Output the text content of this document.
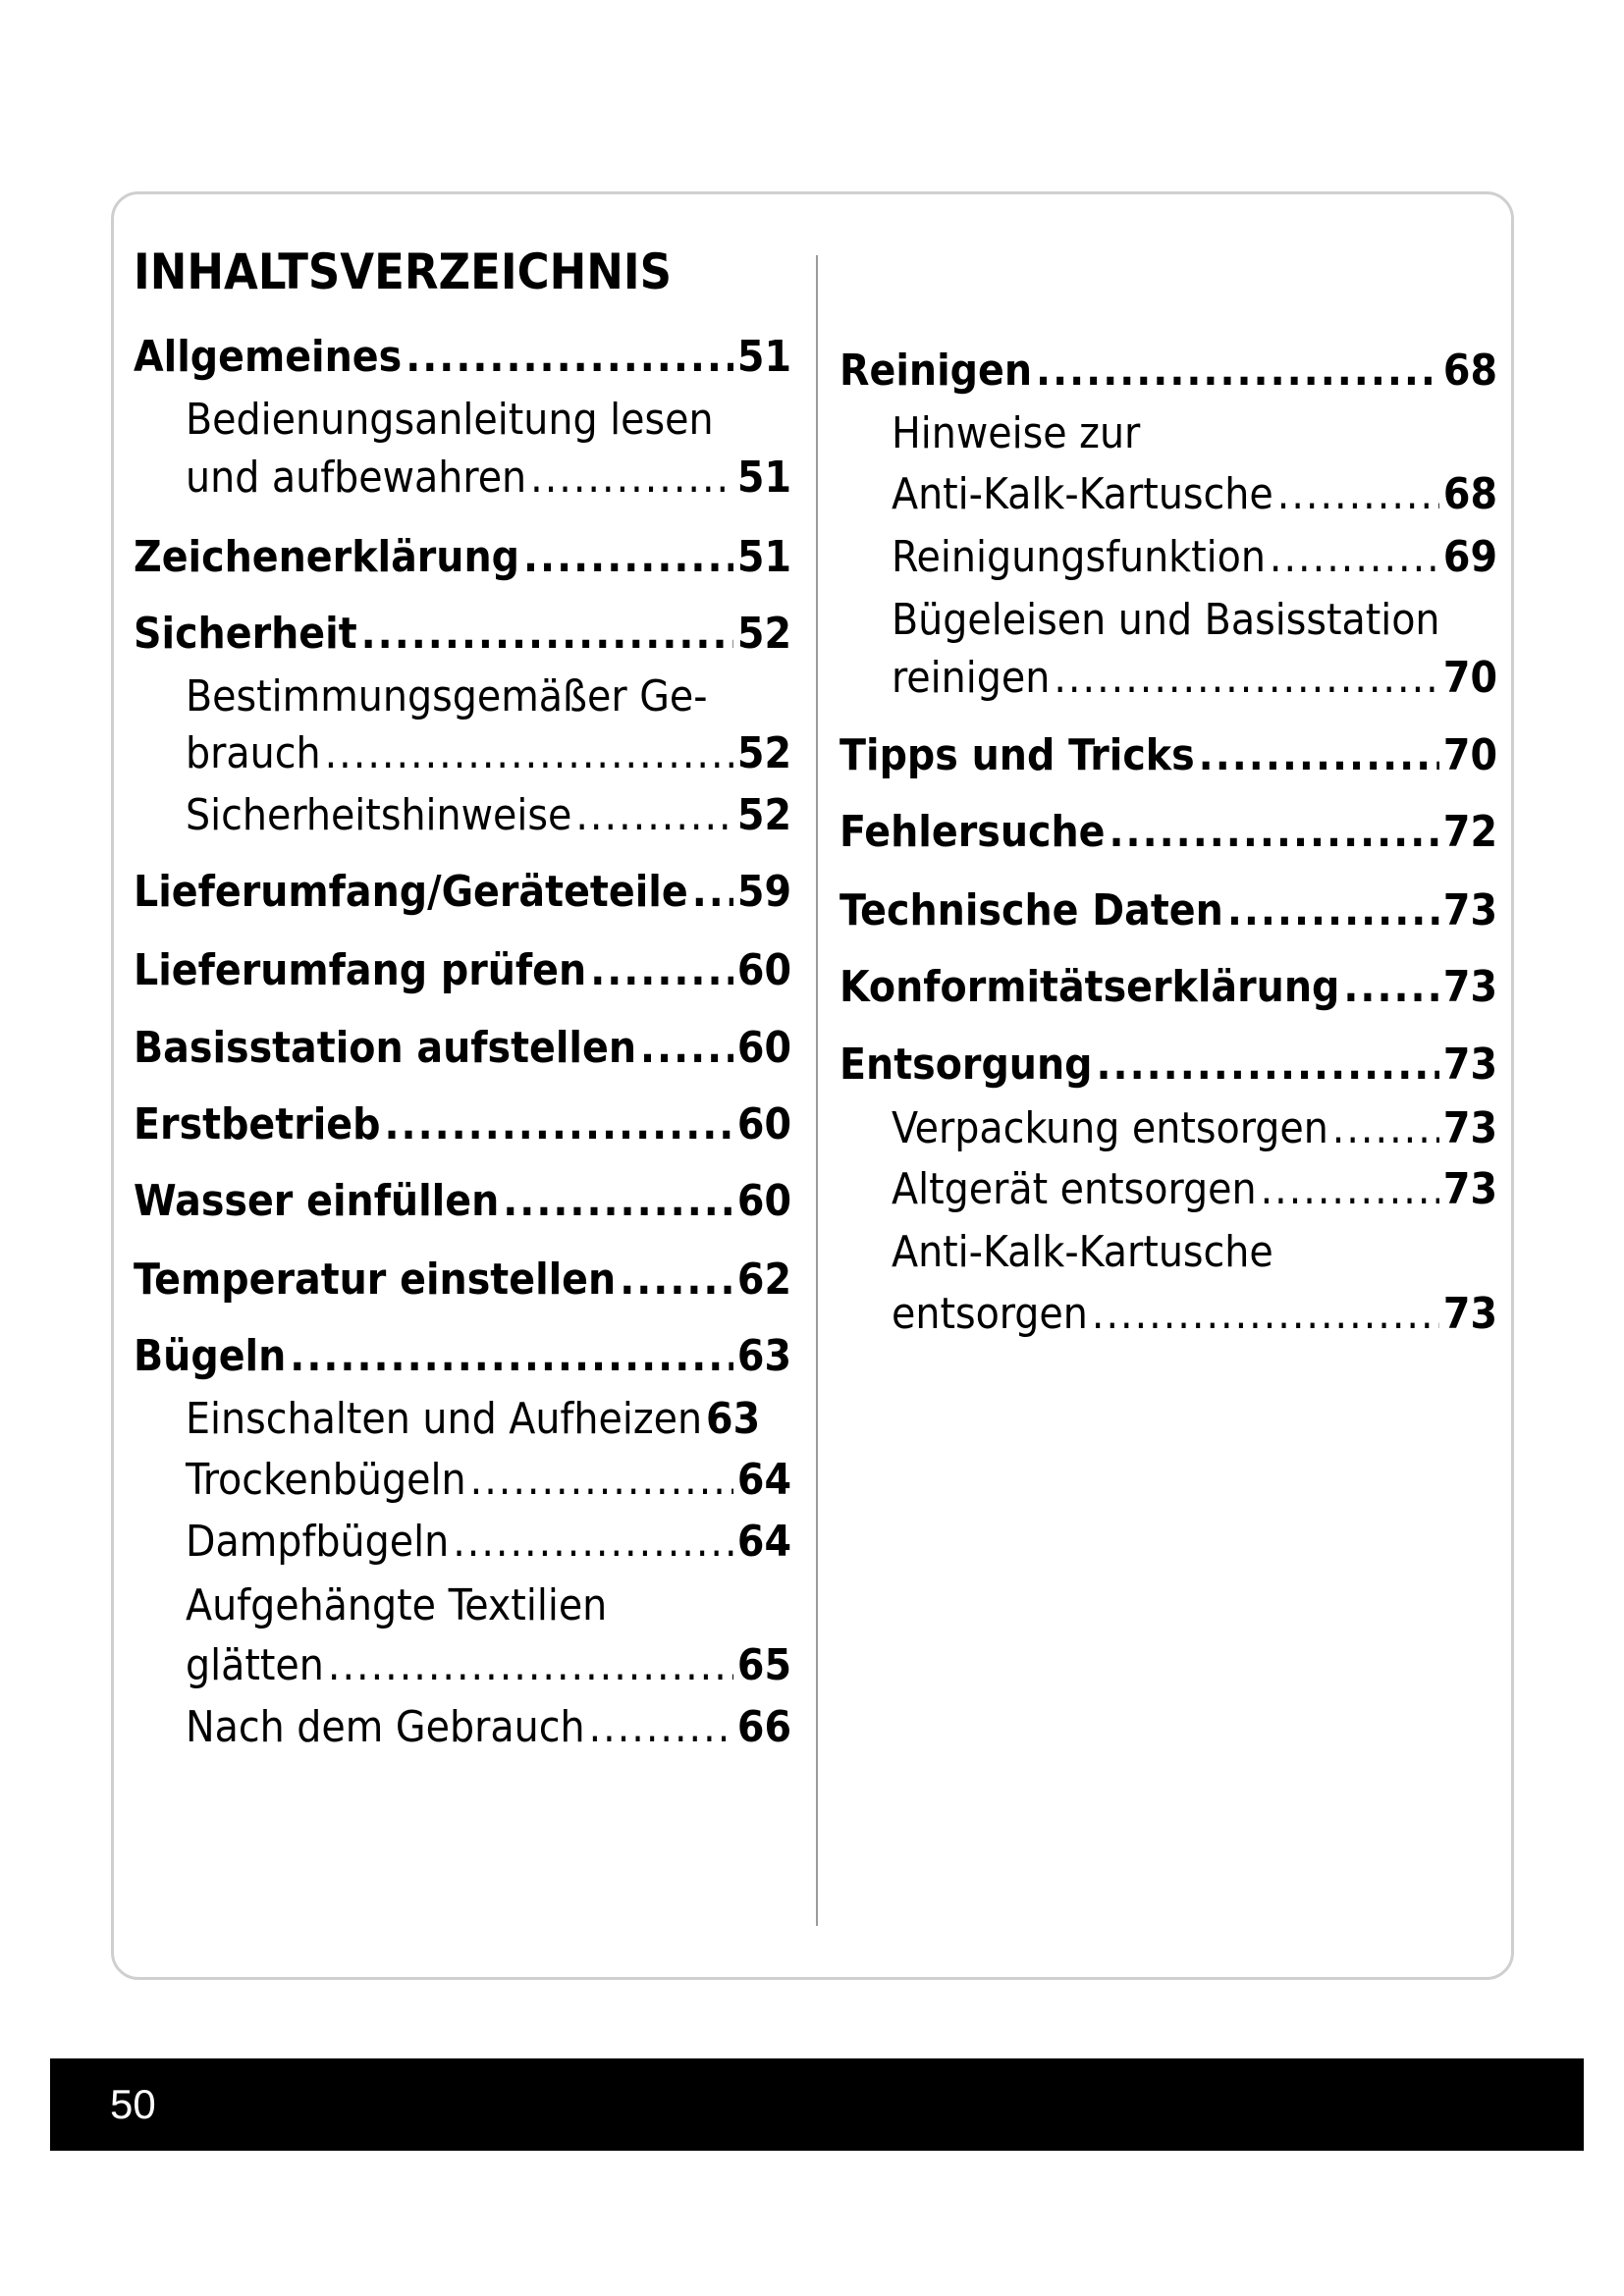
INHALTSVERZEICHNIS
Allgemeines .....	51
Bedienungsanleitung lesen
und aufbewahren .....	51
Zeichenerklärung .....	51
Sicherheit .....	52
Bestimmungsgemäßer Ge-
brauch .....	52
Sicherheitshinweise .....	52
Lieferumfang/Geräteteile ..... 59
Lieferumfang prüfen .....	60
Basisstation aufstellen ..... 60
Erstbetrieb .....	60
Wasser einfüllen .....	60
Temperatur einstellen .....	62
Bügeln .....	63
Einschalten und Aufheizen 63
Trockenbügeln .....	64
Dampfbügeln .....	64
Aufgehängte Textilien
glätten .....	65
Nach dem Gebrauch .....	66
Reinigen .....	68
Hinweise zur
Anti-Kalk-Kartusche .....	68
Reinigungsfunktion .....	69
Bügeleisen und Basisstation
reinigen .....	70
Tipps und Tricks .....	70
Fehlersuche .....	72
Technische Daten .....	73
Konformitätserklärung ..... 73
Entsorgung .....	73
Verpackung entsorgen .....	73
Altgerät entsorgen .....	73
Anti-Kalk-Kartusche
entsorgen .....	73
50
